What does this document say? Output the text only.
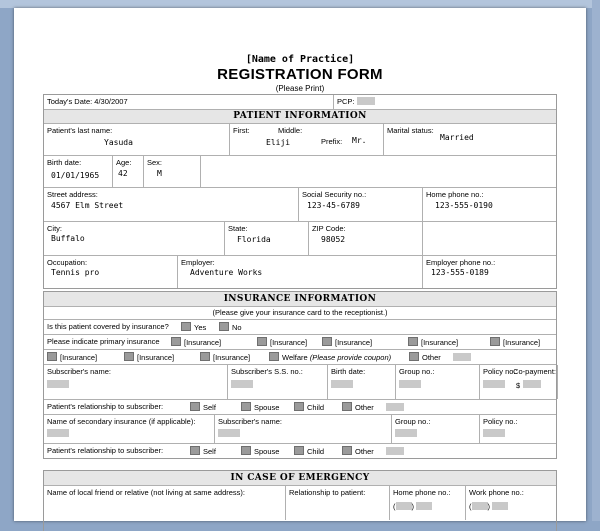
[Name of Practice]
REGISTRATION FORM
(Please Print)
Today's Date: 4/30/2007	PCP:
PATIENT INFORMATION
Patient's last name:
Yasuda
First:
Eliji
Middle:
Prefix: Mr.
Marital status:
Married
Birth date:
01/01/1965
Age:
42
Sex:
M
Street address:
4567 Elm Street
Social Security no.:
123-45-6789
Home phone no.:
123-555-0190
City:
Buffalo
State:
Florida
ZIP Code:
98052
Occupation:
Tennis pro
Employer:
Adventure Works
Employer phone no.:
123-555-0189
INSURANCE INFORMATION
(Please give your insurance card to the receptionist.)
Is this patient covered by insurance?	Yes	No
Please indicate primary insurance	[Insurance]	[Insurance]	[Insurance]	[Insurance]	[Insurance]
[Insurance]	[Insurance]	[Insurance]	Welfare (Please provide coupon)	Other
Subscriber's name:	Subscriber's S.S. no.:	Birth date:	Group no.:	Policy no.:
Co-payment:
$
Patient's relationship to subscriber:	Self	Spouse	Child	Other
Name of secondary insurance (if applicable):	Subscriber's name:	Group no.:	Policy no.:
Patient's relationship to subscriber:	Self	Spouse	Child	Other
IN CASE OF EMERGENCY
Name of local friend or relative (not living at same address):	Relationship to patient:	Home phone no.:
( )
Work phone no.:
( )
